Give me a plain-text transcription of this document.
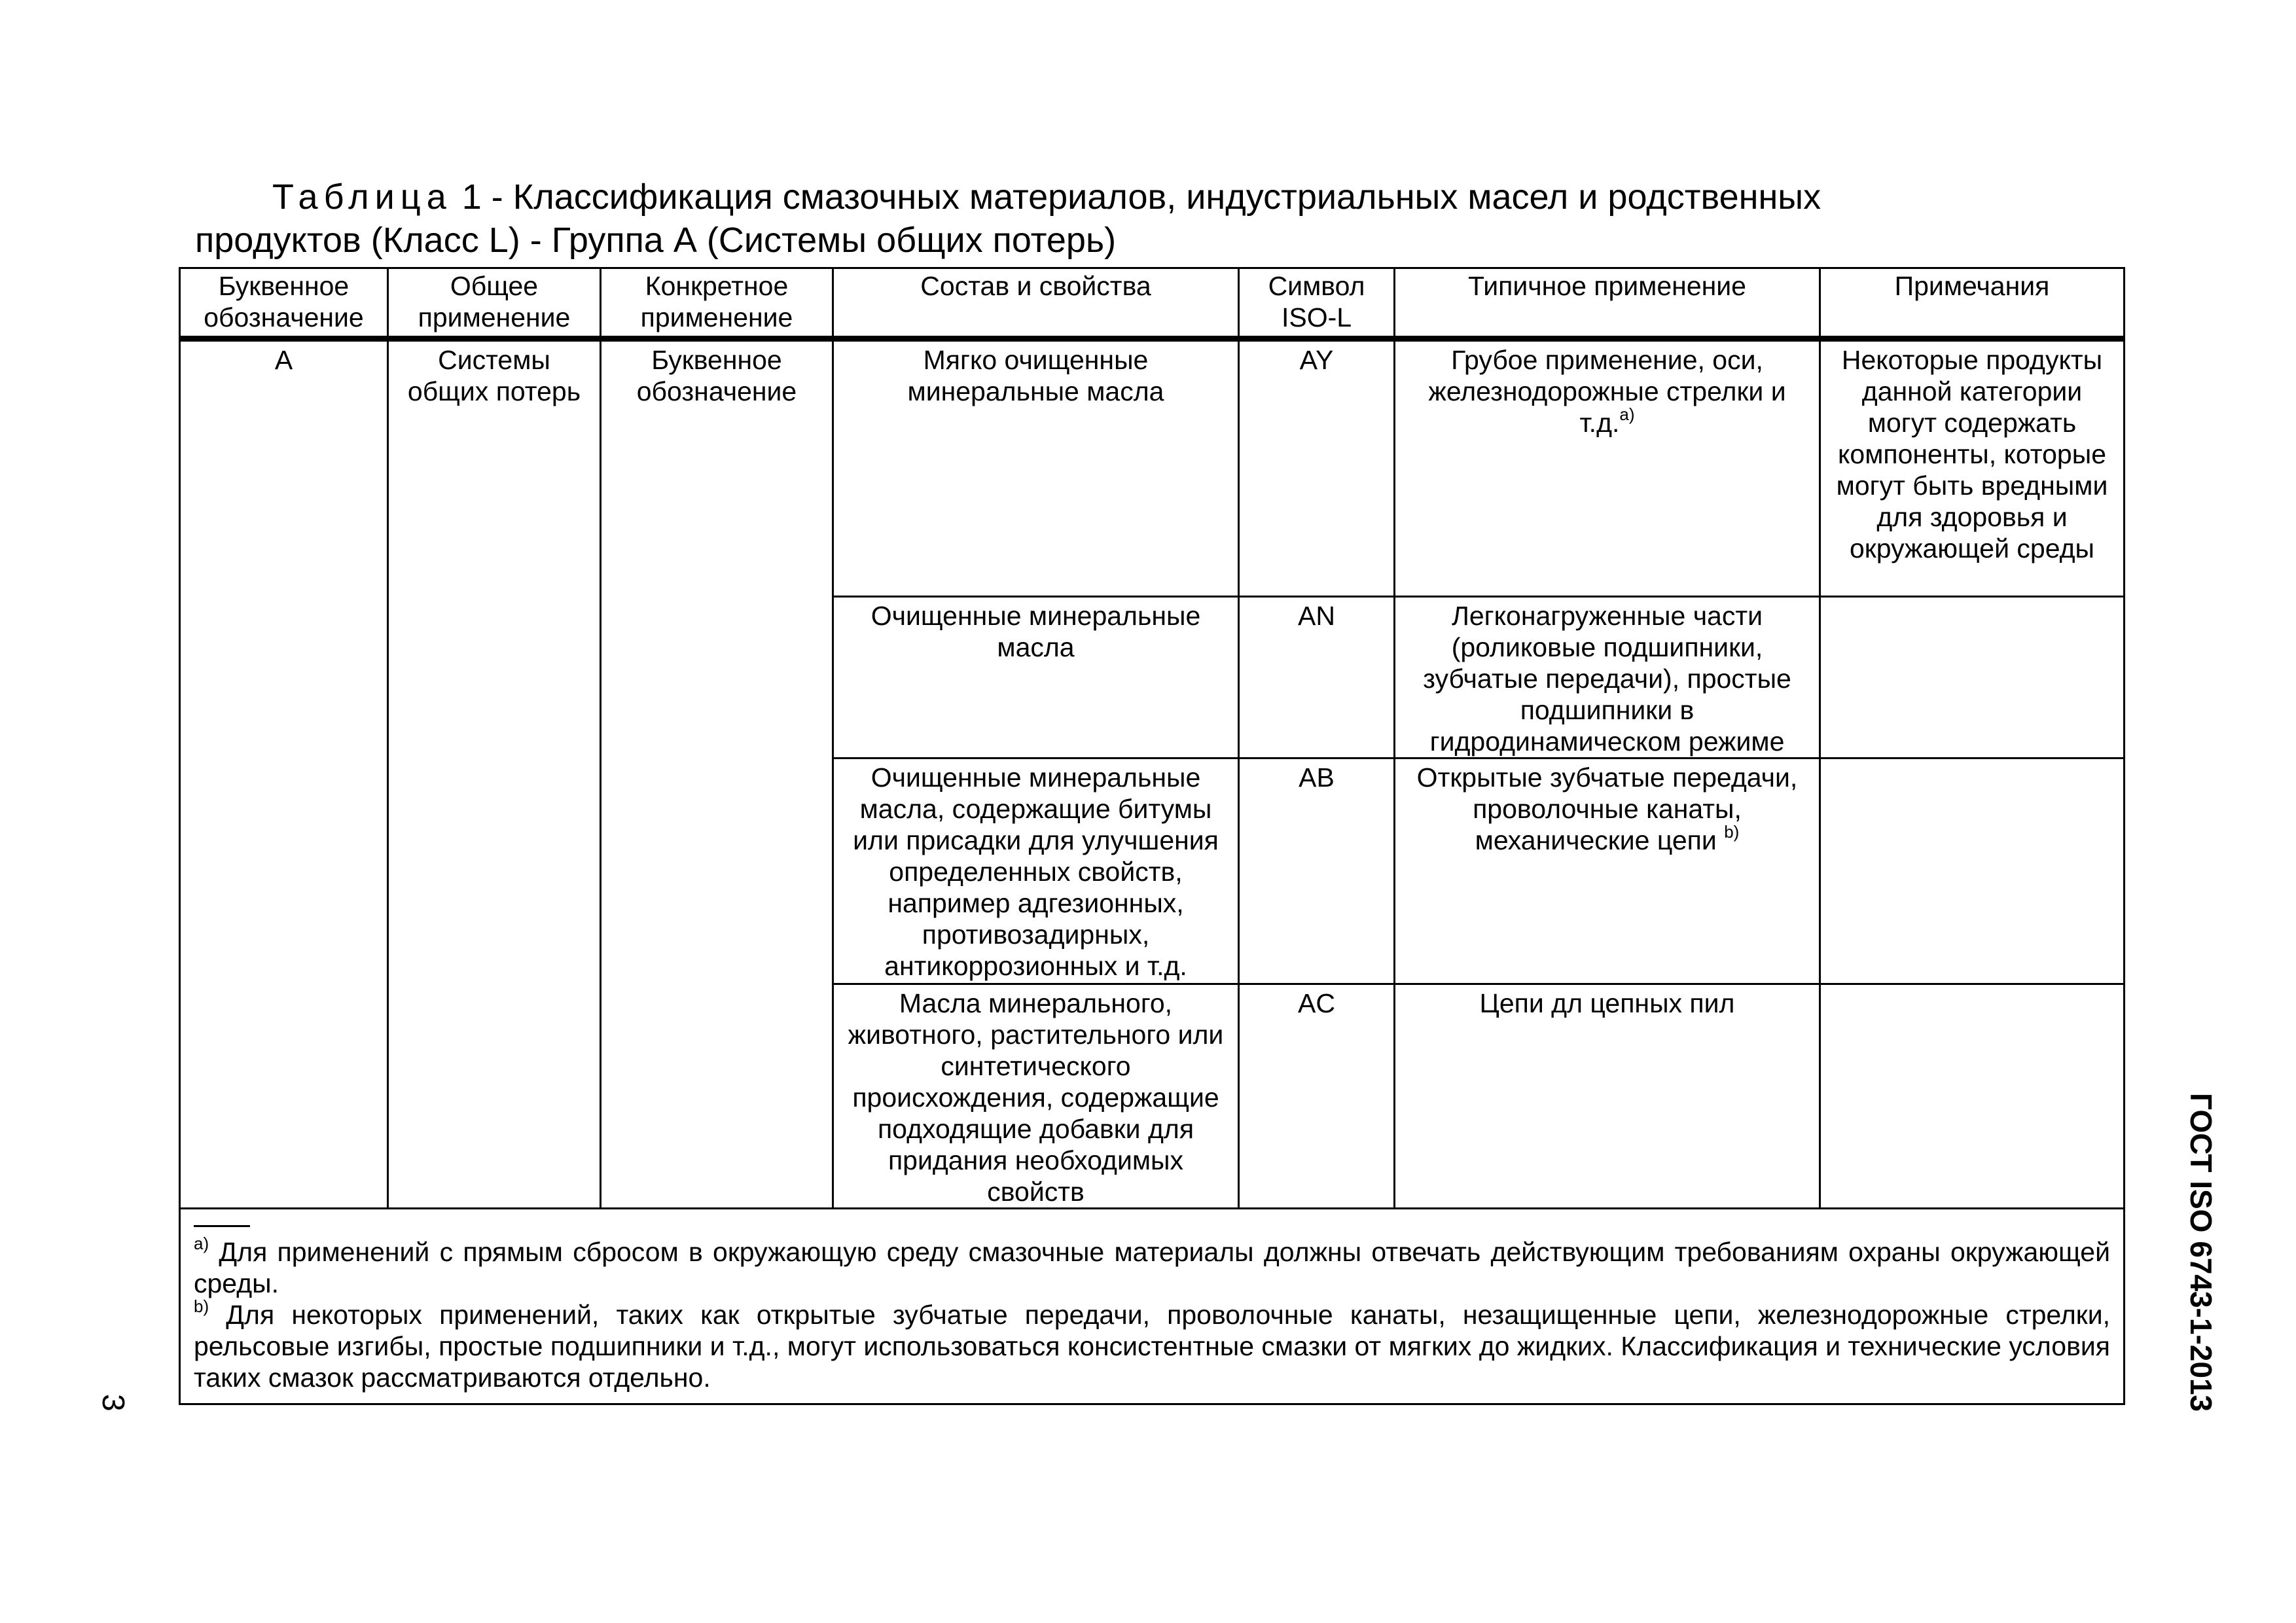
Таблица 1 - Классификация смазочных материалов, индустриальных масел и родственных
продуктов (Класс L) - Группа А (Системы общих потерь)
Буквенное обозначение	Общее применение	Конкретное применение	Состав и свойства	Символ ISO-L	Типичное применение	Примечания
А	Системы общих потерь	Буквенное обозначение	Мягко очищенные минеральные масла	AY	Грубое применение, оси, железнодорожные стрелки и т.д.$^{a)}$	Некоторые продукты данной категории могут содержать компоненты, которые могут быть вредными для здоровья и окружающей среды
			Очищенные минеральные масла	AN	Легконагруженные части (роликовые подшипники, зубчатые передачи), простые подшипники в гидродинамическом режиме	
			Очищенные минеральные масла, содержащие битумы или присадки для улучшения определенных свойств, например адгезионных, противозадирных, антикоррозионных и т.д.	AB	Открытые зубчатые передачи, проволочные канаты, механические цепи $^{b)}$	
			Масла минерального, животного, растительного или синтетического происхождения, содержащие подходящие добавки для придания необходимых свойств	AC	Цепи дл цепных пил	

$^{a)}$ Для применений с прямым сбросом в окружающую среду смазочные материалы должны отвечать действующим требованиям охраны окружающей среды.

$^{b)}$ Для некоторых применений, таких как открытые зубчатые передачи, проволочные канаты, незащищенные цепи, железнодорожные стрелки, рельсовые изгибы, простые подшипники и т.д., могут использоваться консистентные смазки от мягких до жидких. Классификация и технические условия таких смазок рассматриваются отдельно.							ГОСТ ISO 6743-1-2013
3
